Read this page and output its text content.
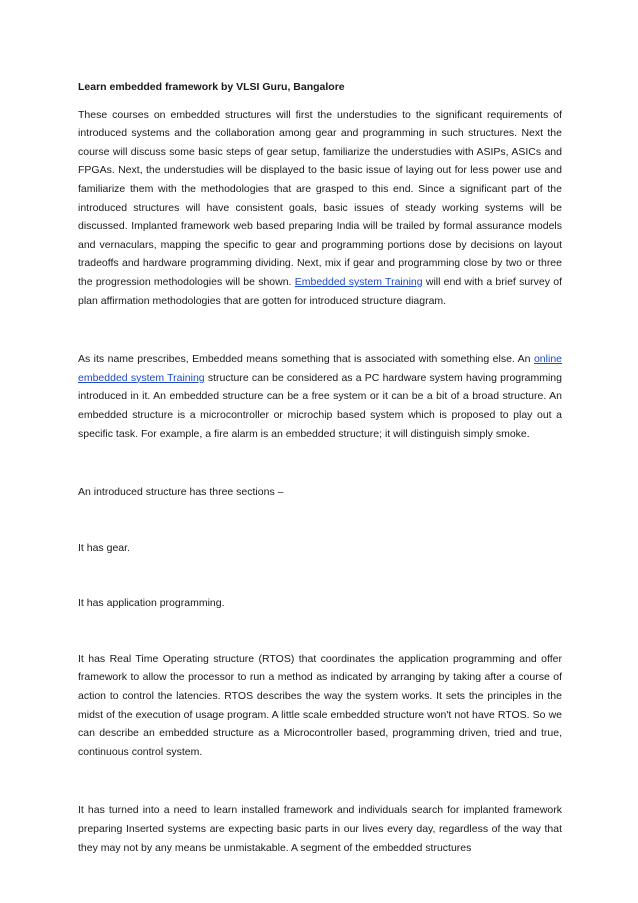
Learn embedded framework by VLSI Guru, Bangalore

These courses on embedded structures will first the understudies to the significant requirements of introduced systems and the collaboration among gear and programming in such structures. Next the course will discuss some basic steps of gear setup, familiarize the understudies with ASIPs, ASICs and FPGAs. Next, the understudies will be displayed to the basic issue of laying out for less power use and familiarize them with the methodologies that are grasped to this end. Since a significant part of the introduced structures will have consistent goals, basic issues of steady working systems will be discussed. Implanted framework web based preparing India will be trailed by formal assurance models and vernaculars, mapping the specific to gear and programming portions dose by decisions on layout tradeoffs and hardware programming dividing. Next, mix if gear and programming close by two or three the progression methodologies will be shown. Embedded system Training will end with a brief survey of plan affirmation methodologies that are gotten for introduced structure diagram.

As its name prescribes, Embedded means something that is associated with something else. An online embedded system Training structure can be considered as a PC hardware system having programming introduced in it. An embedded structure can be a free system or it can be a bit of a broad structure. An embedded structure is a microcontroller or microchip based system which is proposed to play out a specific task. For example, a fire alarm is an embedded structure; it will distinguish simply smoke.

An introduced structure has three sections –

It has gear.

It has application programming.

It has Real Time Operating structure (RTOS) that coordinates the application programming and offer framework to allow the processor to run a method as indicated by arranging by taking after a course of action to control the latencies. RTOS describes the way the system works. It sets the principles in the midst of the execution of usage program. A little scale embedded structure won't not have RTOS. So we can describe an embedded structure as a Microcontroller based, programming driven, tried and true, continuous control system.

It has turned into a need to learn installed framework and individuals search for implanted framework preparing Inserted systems are expecting basic parts in our lives every day, regardless of the way that they may not by any means be unmistakable. A segment of the embedded structures
